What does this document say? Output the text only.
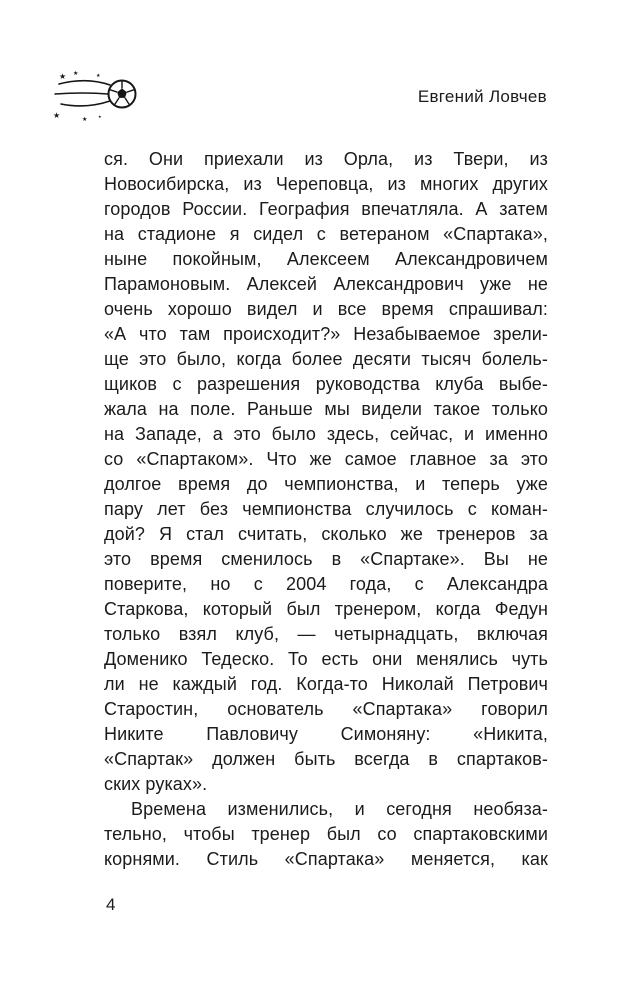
★
★
★
★
★
★
Евгений Ловчев
ся. Они приехали из Орла, из Твери, из
Новосибирска, из Череповца, из многих других
городов России. География впечатляла. А затем
на стадионе я сидел с ветераном «Спартака»,
ныне покойным, Алексеем Александровичем
Парамоновым. Алексей Александрович уже не
очень хорошо видел и все время спрашивал:
«А что там происходит?» Незабываемое зрели-
ще это было, когда более десяти тысяч болель-
щиков с разрешения руководства клуба выбе-
жала на поле. Раньше мы видели такое только
на Западе, а это было здесь, сейчас, и именно
со «Спартаком». Что же самое главное за это
долгое время до чемпионства, и теперь уже
пару лет без чемпионства случилось с коман-
дой? Я стал считать, сколько же тренеров за
это время сменилось в «Спартаке». Вы не
поверите, но с 2004 года, с Александра
Старкова, который был тренером, когда Федун
только взял клуб, — четырнадцать, включая
Доменико Тедеско. То есть они менялись чуть
ли не каждый год. Когда-то Николай Петрович
Старостин, основатель «Спартака» говорил
Никите Павловичу Симоняну: «Никита,
«Спартак» должен быть всегда в спартаков-
ских руках».
Времена изменились, и сегодня необяза-
тельно, чтобы тренер был со спартаковскими
корнями. Стиль «Спартака» меняется, как
4
